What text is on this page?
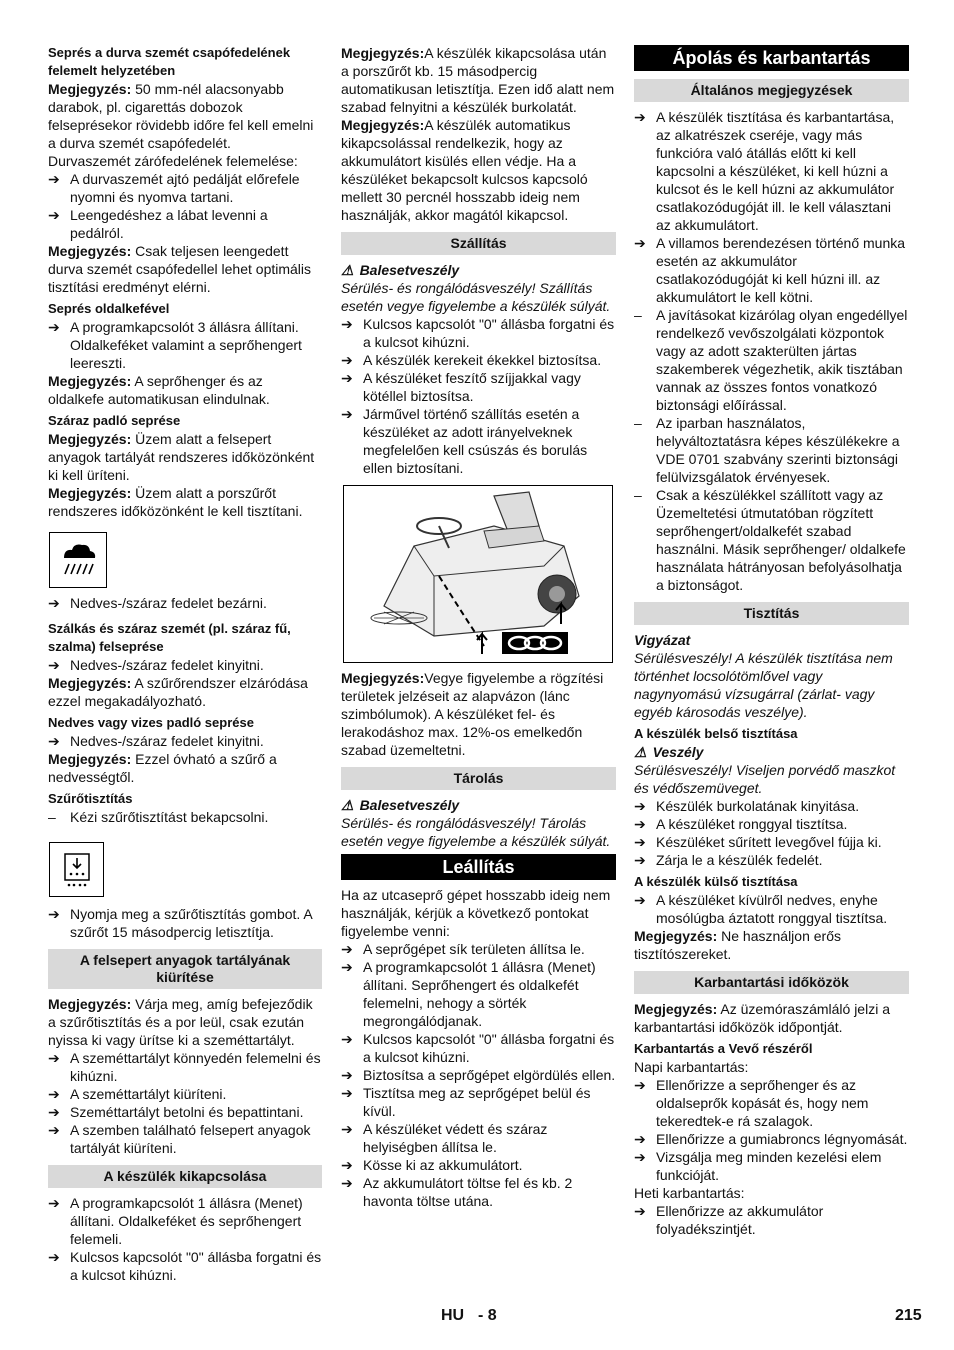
Seprés a durva szemét csapófedelének felemelt helyzetében

Megjegyzés: 50 mm-nél alacsonyabb darabok, pl. cigarettás dobozok felseprésekor rövidebb időre fel kell emelni a durva szemét csapófedelét.

Durvaszemét zárófedelének felemelése:

➔ A durvaszemét ajtó pedálját előrefele nyomni és nyomva tartani.
➔ Leengedéshez a lábat levenni a pedálról.

Megjegyzés: Csak teljesen leengedett durva szemét csapófedellel lehet optimális tisztítási eredményt elérni.

Seprés oldalkefével

➔ A programkapcsolót 3 állásra állítani. Oldalkeféket valamint a seprőhengert leereszti.

Megjegyzés: A seprőhenger és az oldalkefe automatikusan elindulnak.

Száraz padló seprése

Megjegyzés: Üzem alatt a felsepert anyagok tartályát rendszeres időközönként ki kell üríteni.

Megjegyzés: Üzem alatt a porszűrőt rendszeres időközönként le kell tisztítani.

➔ Nedves-/száraz fedelet bezárni.

Szálkás és száraz szemét (pl. száraz fű, szalma) felseprése

➔ Nedves-/száraz fedelet kinyitni.

Megjegyzés: A szűrőrendszer elzáródása ezzel megakadályozható.

Nedves vagy vizes padló seprése

➔ Nedves-/száraz fedelet kinyitni.

Megjegyzés: Ezzel óvható a szűrő a nedvességtől.

Szűrőtisztítás

–	Kézi szűrőtisztítást bekapcsolni.
➔ Nyomja meg a szűrőtisztítás gombot. A szűrőt 15 másodpercig letisztítja.
A felsepert anyagok tartályának kiürítése

Megjegyzés: Várja meg, amíg befejeződik a szűrőtisztítás és a por leül, csak ezután nyissa ki vagy ürítse ki a szeméttartályt.

➔ A szeméttartályt könnyedén felemelni és kihúzni.
➔ A szeméttartályt kiüríteni.
➔ Szeméttartályt betolni és bepattintani.
➔ A szemben található felsepert anyagok tartályát kiüríteni.
A készülék kikapcsolása
➔ A programkapcsolót 1 állásra (Menet) állítani. Oldalkeféket és seprőhengert felemeli.
➔ Kulcsos kapcsolót "0" állásba forgatni és a kulcsot kihúzni.

Megjegyzés:A készülék kikapcsolása után a porszűrőt kb. 15 másodpercig automatikusan letisztítja. Ezen idő alatt nem szabad felnyitni a készülék burkolatát.

Megjegyzés:A készülék automatikus kikapcsolással rendelkezik, hogy az akkumulátort kisülés ellen védje. Ha a készüléket bekapcsolt kulcsos kapcsoló mellett 30 percnél hosszabb ideig nem használják, akkor magától kikapcsol.

Szállítás

⚠ Balesetveszély

Sérülés- és rongálódásveszély! Szállítás esetén vegye figyelembe a készülék súlyát.

➔ Kulcsos kapcsolót "0" állásba forgatni és a kulcsot kihúzni.
➔ A készülék kerekeit ékekkel biztosítsa.
➔ A készüléket feszítő szíjjakkal vagy kötéllel biztosítsa.
➔ Járművel történő szállítás esetén a készüléket az adott irányelveknek megfelelően kell csúszás és borulás ellen biztosítani.

Megjegyzés:Vegye figyelembe a rögzítési területek jelzéseit az alapvázon (lánc szimbólumok). A készüléket fel- és lerakodáshoz max. 12%-os emelkedőn szabad üzemeltetni.

Tárolás

⚠ Balesetveszély

Sérülés- és rongálódásveszély! Tárolás esetén vegye figyelembe a készülék súlyát.

Leállítás

Ha az utcaseprő gépet hosszabb ideig nem használják, kérjük a következő pontokat figyelembe venni:

➔ A seprőgépet sík területen állítsa le.
➔ A programkapcsolót 1 állásra (Menet) állítani. Seprőhengert és oldalkefét felemelni, nehogy a sörték megrongálódjanak.
➔ Kulcsos kapcsolót "0" állásba forgatni és a kulcsot kihúzni.
➔ Biztosítsa a seprőgépet elgördülés ellen.
➔ Tisztítsa meg az seprőgépet belül és kívül.
➔ A készüléket védett és száraz helyiségben állítsa le.
➔ Kösse ki az akkumulátort.
➔ Az akkumulátort töltse fel és kb. 2 havonta töltse utána.
Ápolás és karbantartás
Általános megjegyzések
➔ A készülék tisztítása és karbantartása, az alkatrészek cseréje, vagy más funkcióra való átállás előtt ki kell kapcsolni a készüléket, ki kell húzni a kulcsot és le kell húzni az akkumulátor csatlakozódugóját ill. le kell választani az akkumulátort.
➔ A villamos berendezésen történő munka esetén az akkumulátor csatlakozódugóját ki kell húzni ill. az akkumulátort le kell kötni.
–	A javításokat kizárólag olyan engedéllyel rendelkező vevőszolgálati központok vagy az adott szakterülten jártas szakemberek végezhetik, akik tisztában vannak az összes fontos vonatkozó biztonsági előírással.
–	Az iparban használatos, helyváltoztatásra képes készülékekre a VDE 0701 szabvány szerinti biztonsági felülvizsgálatok érvényesek.
–	Csak a készülékkel szállított vagy az Üzemeltetési útmutatóban rögzített seprőhengert/oldalkefét szabad használni. Másik seprőhenger/ oldalkefe használata hátrányosan befolyásolhatja a biztonságot.
Tisztítás

Vigyázat

Sérülésveszély! A készülék tisztítása nem történhet locsolótömlővel vagy nagynyomású vízsugárral (zárlat- vagy egyéb károsodás veszélye).

A készülék belső tisztítása

⚠ Veszély

Sérülésveszély! Viseljen porvédő maszkot és védőszemüveget.

➔ Készülék burkolatának kinyitása.
➔ A készüléket ronggyal tisztítsa.
➔ Készüléket sűrített levegővel fújja ki.
➔ Zárja le a készülék fedelét.

A készülék külső tisztítása

➔ A készüléket kívülről nedves, enyhe mosólúgba áztatott ronggyal tisztítsa.

Megjegyzés: Ne használjon erős tisztítószereket.

Karbantartási időközök

Megjegyzés: Az üzemóraszámláló jelzi a karbantartási időközök időpontját.

Karbantartás a Vevő részéről

Napi karbantartás:

➔ Ellenőrizze a seprőhenger és az oldalseprők kopását és, hogy nem tekeredtek-e rá szalagok.
➔ Ellenőrizze a gumiabroncs légnyomását.
➔ Vizsgálja meg minden kezelési elem funkcióját.

Heti karbantartás:

➔ Ellenőrizze az akkumulátor folyadékszintjét.
HU - 8	215
